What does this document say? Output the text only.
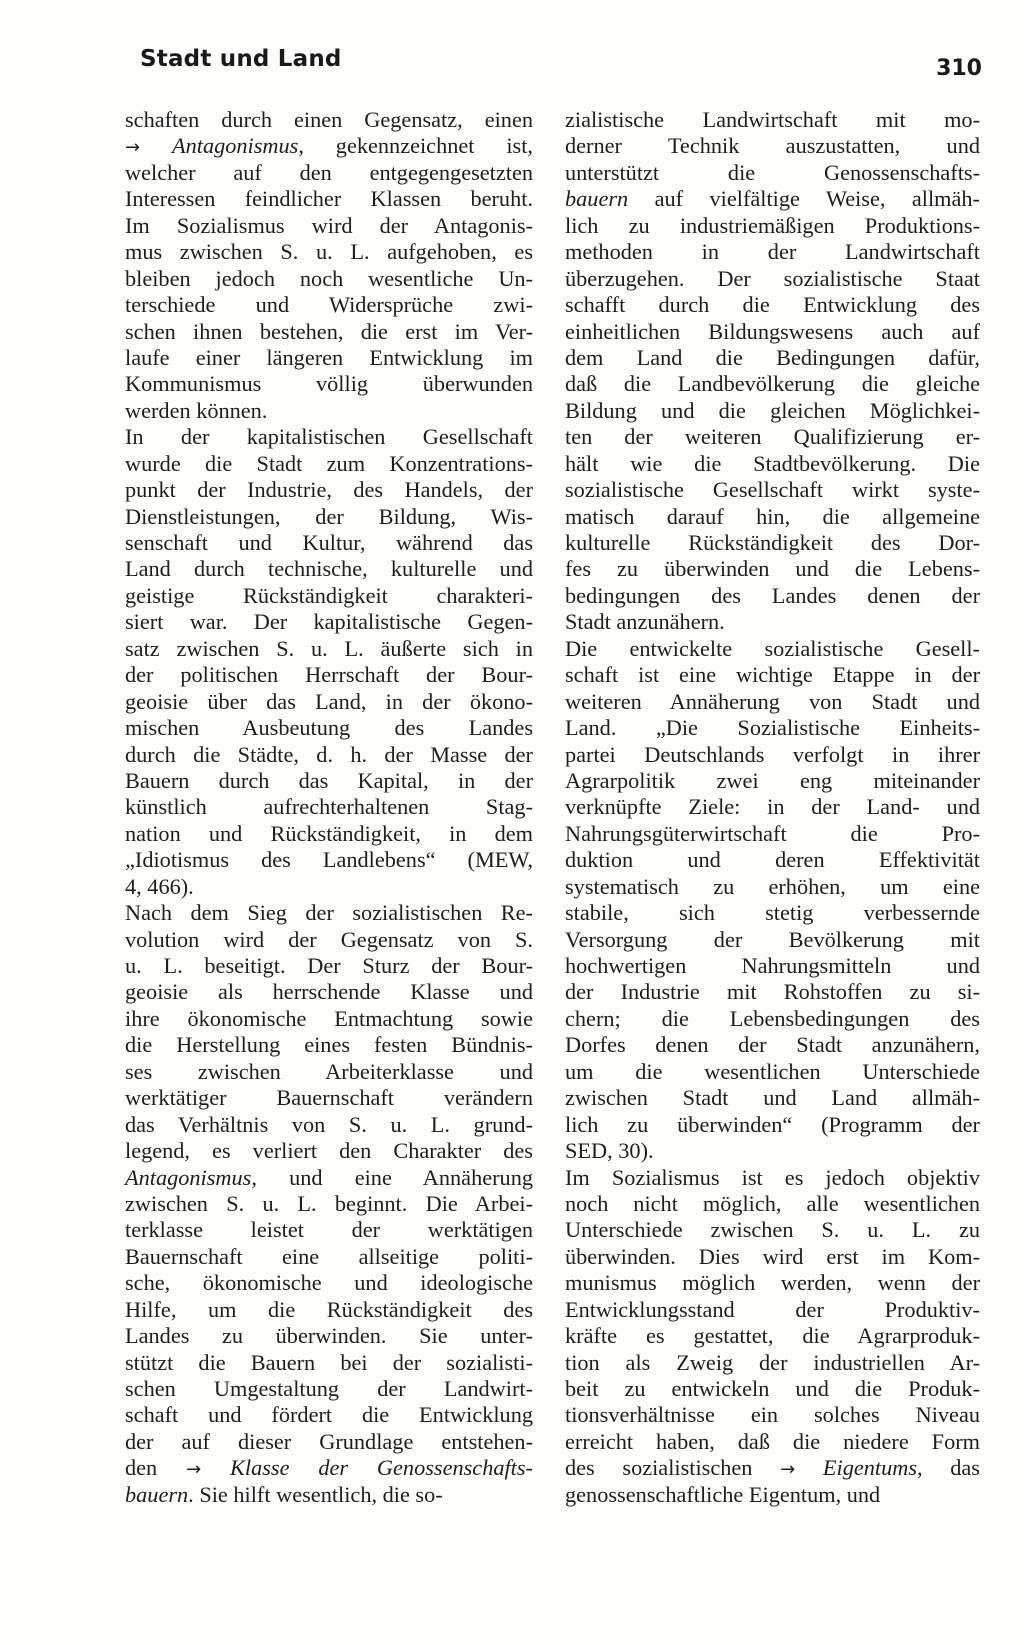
Stadt und Land	310

schaften durch einen Gegensatz, einen
→ Antagonismus, gekennzeichnet ist,
welcher auf den entgegengesetzten
Interessen feindlicher Klassen beruht.
Im Sozialismus wird der Antagonis-
mus zwischen S. u. L. aufgehoben, es
bleiben jedoch noch wesentliche Un-
terschiede und Widersprüche zwi-
schen ihnen bestehen, die erst im Ver-
laufe einer längeren Entwicklung im
Kommunismus völlig überwunden
werden können.

In der kapitalistischen Gesellschaft
wurde die Stadt zum Konzentrations-
punkt der Industrie, des Handels, der
Dienstleistungen, der Bildung, Wis-
senschaft und Kultur, während das
Land durch technische, kulturelle und
geistige Rückständigkeit charakteri-
siert war. Der kapitalistische Gegen-
satz zwischen S. u. L. äußerte sich in
der politischen Herrschaft der Bour-
geoisie über das Land, in der ökono-
mischen Ausbeutung des Landes
durch die Städte, d. h. der Masse der
Bauern durch das Kapital, in der
künstlich aufrechterhaltenen Stag-
nation und Rückständigkeit, in dem
„Idiotismus des Landlebens“ (MEW,
4, 466).

Nach dem Sieg der sozialistischen Re-
volution wird der Gegensatz von S.
u. L. beseitigt. Der Sturz der Bour-
geoisie als herrschende Klasse und
ihre ökonomische Entmachtung sowie
die Herstellung eines festen Bündnis-
ses zwischen Arbeiterklasse und
werktätiger Bauernschaft verändern
das Verhältnis von S. u. L. grund-
legend, es verliert den Charakter des
Antagonismus, und eine Annäherung
zwischen S. u. L. beginnt. Die Arbei-
terklasse leistet der werktätigen
Bauernschaft eine allseitige politi-
sche, ökonomische und ideologische
Hilfe, um die Rückständigkeit des
Landes zu überwinden. Sie unter-
stützt die Bauern bei der sozialisti-
schen Umgestaltung der Landwirt-
schaft und fördert die Entwicklung
der auf dieser Grundlage entstehen-
den → Klasse der Genossenschafts-
bauern. Sie hilft wesentlich, die so-

zialistische Landwirtschaft mit mo-
derner Technik auszustatten, und
unterstützt die Genossenschafts-
bauern auf vielfältige Weise, allmäh-
lich zu industriemäßigen Produktions-
methoden in der Landwirtschaft
überzugehen. Der sozialistische Staat
schafft durch die Entwicklung des
einheitlichen Bildungswesens auch auf
dem Land die Bedingungen dafür,
daß die Landbevölkerung die gleiche
Bildung und die gleichen Möglichkei-
ten der weiteren Qualifizierung er-
hält wie die Stadtbevölkerung. Die
sozialistische Gesellschaft wirkt syste-
matisch darauf hin, die allgemeine
kulturelle Rückständigkeit des Dor-
fes zu überwinden und die Lebens-
bedingungen des Landes denen der
Stadt anzunähern.

Die entwickelte sozialistische Gesell-
schaft ist eine wichtige Etappe in der
weiteren Annäherung von Stadt und
Land. „Die Sozialistische Einheits-
partei Deutschlands verfolgt in ihrer
Agrarpolitik zwei eng miteinander
verknüpfte Ziele: in der Land- und
Nahrungsgüterwirtschaft die Pro-
duktion und deren Effektivität
systematisch zu erhöhen, um eine
stabile, sich stetig verbessernde
Versorgung der Bevölkerung mit
hochwertigen Nahrungsmitteln und
der Industrie mit Rohstoffen zu si-
chern; die Lebensbedingungen des
Dorfes denen der Stadt anzunähern,
um die wesentlichen Unterschiede
zwischen Stadt und Land allmäh-
lich zu überwinden“ (Programm der
SED, 30).

Im Sozialismus ist es jedoch objektiv
noch nicht möglich, alle wesentlichen
Unterschiede zwischen S. u. L. zu
überwinden. Dies wird erst im Kom-
munismus möglich werden, wenn der
Entwicklungsstand der Produktiv-
kräfte es gestattet, die Agrarproduk-
tion als Zweig der industriellen Ar-
beit zu entwickeln und die Produk-
tionsverhältnisse ein solches Niveau
erreicht haben, daß die niedere Form
des sozialistischen → Eigentums, das
genossenschaftliche Eigentum, und
